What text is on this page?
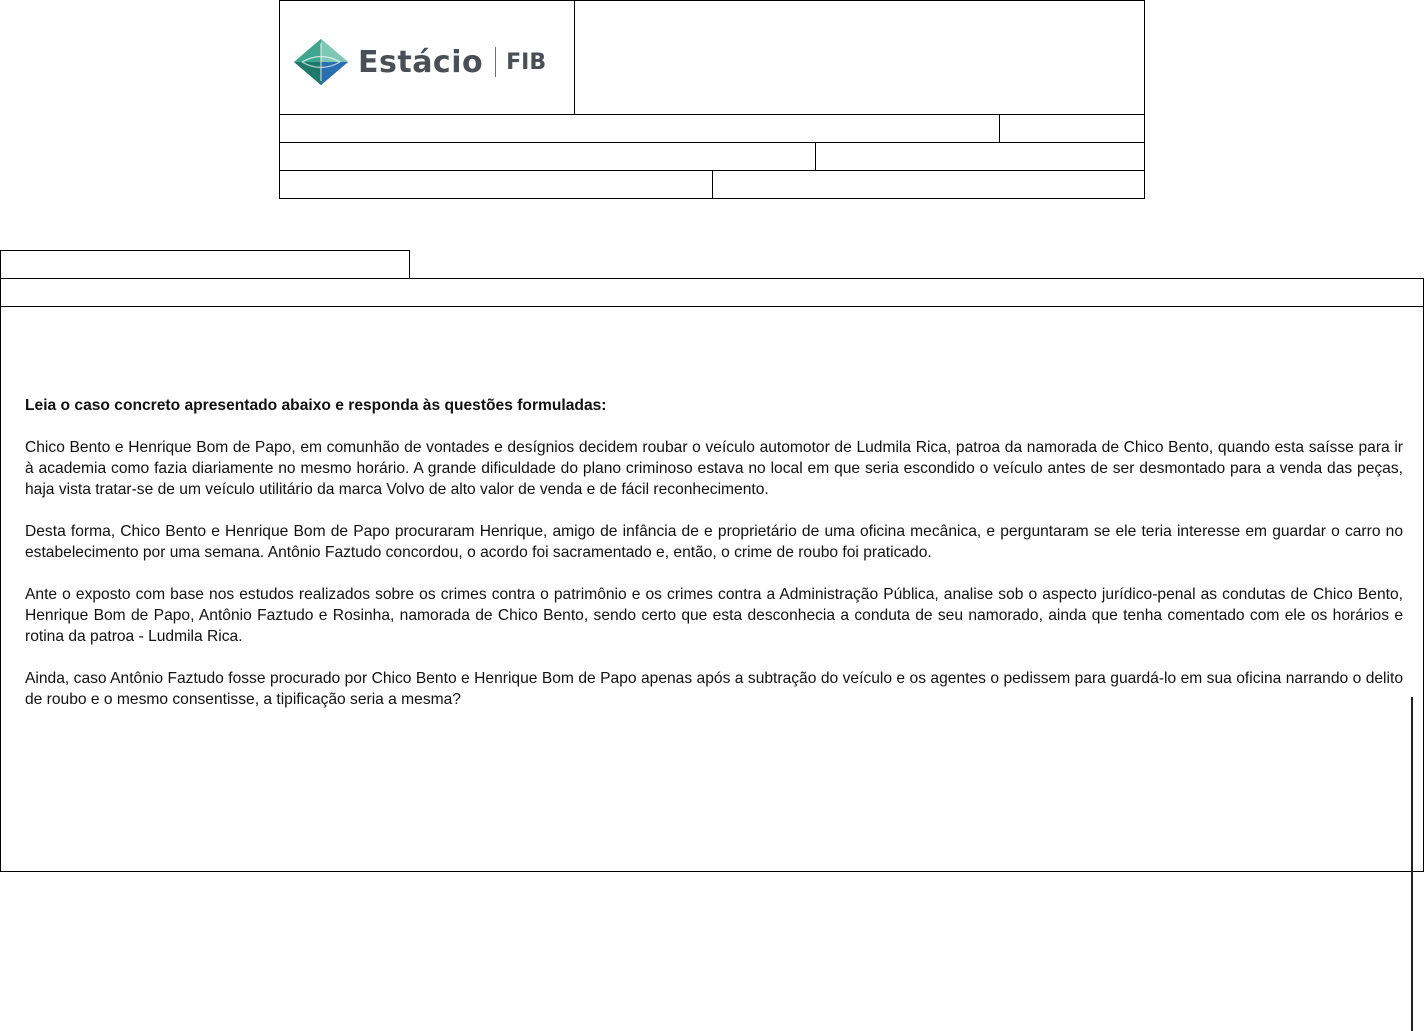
Estácio FIB

Leia o caso concreto apresentado abaixo e responda às questões formuladas:

Chico Bento e Henrique Bom de Papo, em comunhão de vontades e desígnios decidem roubar o veículo automotor de Ludmila Rica, patroa da namorada de Chico Bento, quando esta saísse para ir à academia como fazia diariamente no mesmo horário. A grande dificuldade do plano criminoso estava no local em que seria escondido o veículo antes de ser desmontado para a venda das peças, haja vista tratar-se de um veículo utilitário da marca Volvo de alto valor de venda e de fácil reconhecimento.

Desta forma, Chico Bento e Henrique Bom de Papo procuraram Henrique, amigo de infância de e proprietário de uma oficina mecânica, e perguntaram se ele teria interesse em guardar o carro no estabelecimento por uma semana. Antônio Faztudo concordou, o acordo foi sacramentado e, então, o crime de roubo foi praticado.

Ante o exposto com base nos estudos realizados sobre os crimes contra o patrimônio e os crimes contra a Administração Pública, analise sob o aspecto jurídico-penal as condutas de Chico Bento, Henrique Bom de Papo, Antônio Faztudo e Rosinha, namorada de Chico Bento, sendo certo que esta desconhecia a conduta de seu namorado, ainda que tenha comentado com ele os horários e rotina da patroa - Ludmila Rica.

Ainda, caso Antônio Faztudo fosse procurado por Chico Bento e Henrique Bom de Papo apenas após a subtração do veículo e os agentes o pedissem para guardá-lo em sua oficina narrando o delito de roubo e o mesmo consentisse, a tipificação seria a mesma?
